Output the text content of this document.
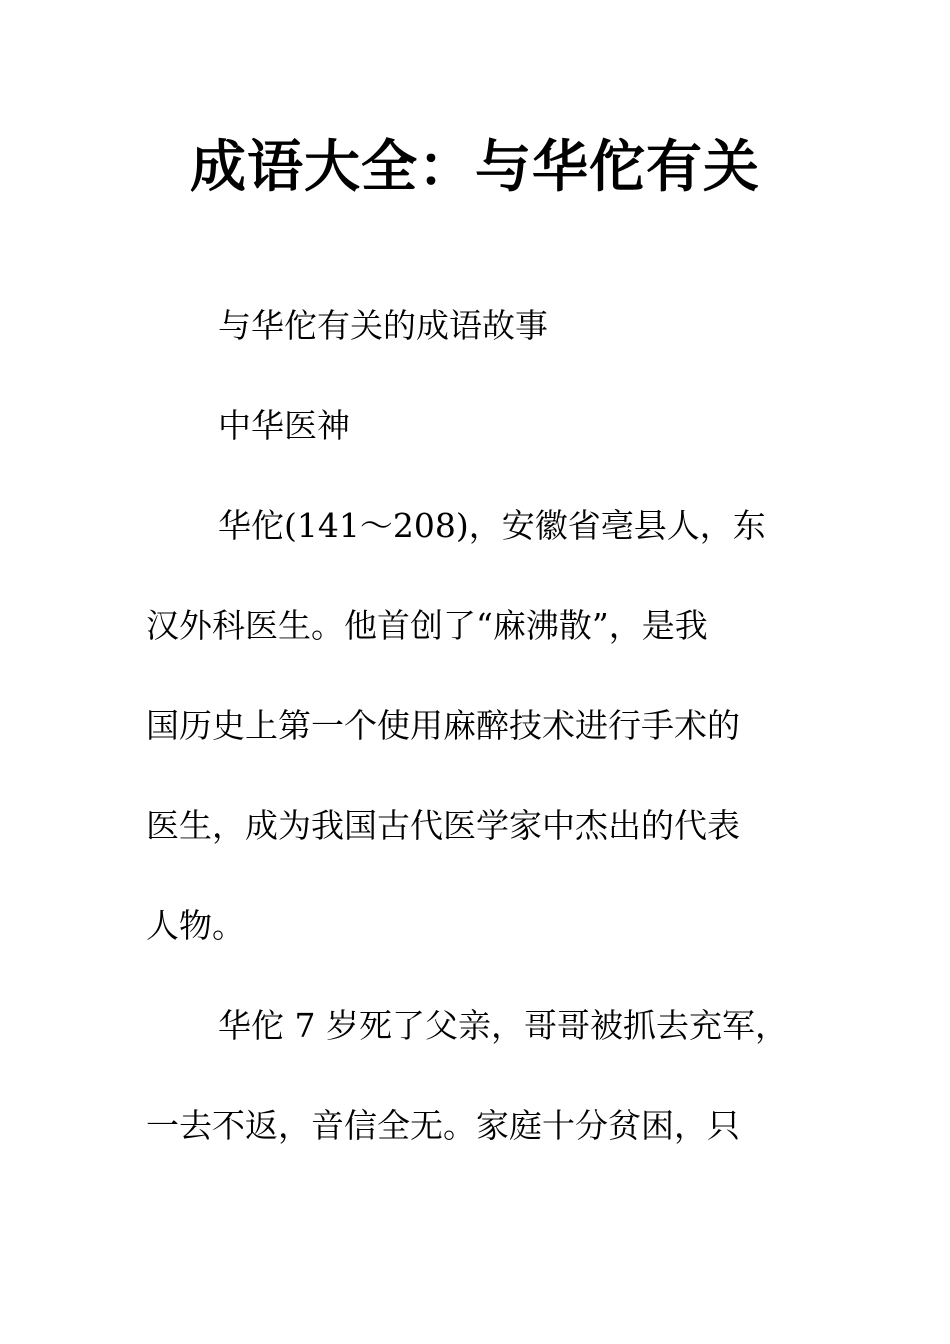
成语大全：与华佗有关
与华佗有关的成语故事
中华医神
华佗(141～208)，安徽省亳县人，东
汉外科医生。他首创了“麻沸散”，是我
国历史上第一个使用麻醉技术进行手术的
医生，成为我国古代医学家中杰出的代表
人物。
华佗 7 岁死了父亲，哥哥被抓去充军，
一去不返，音信全无。家庭十分贫困，只
